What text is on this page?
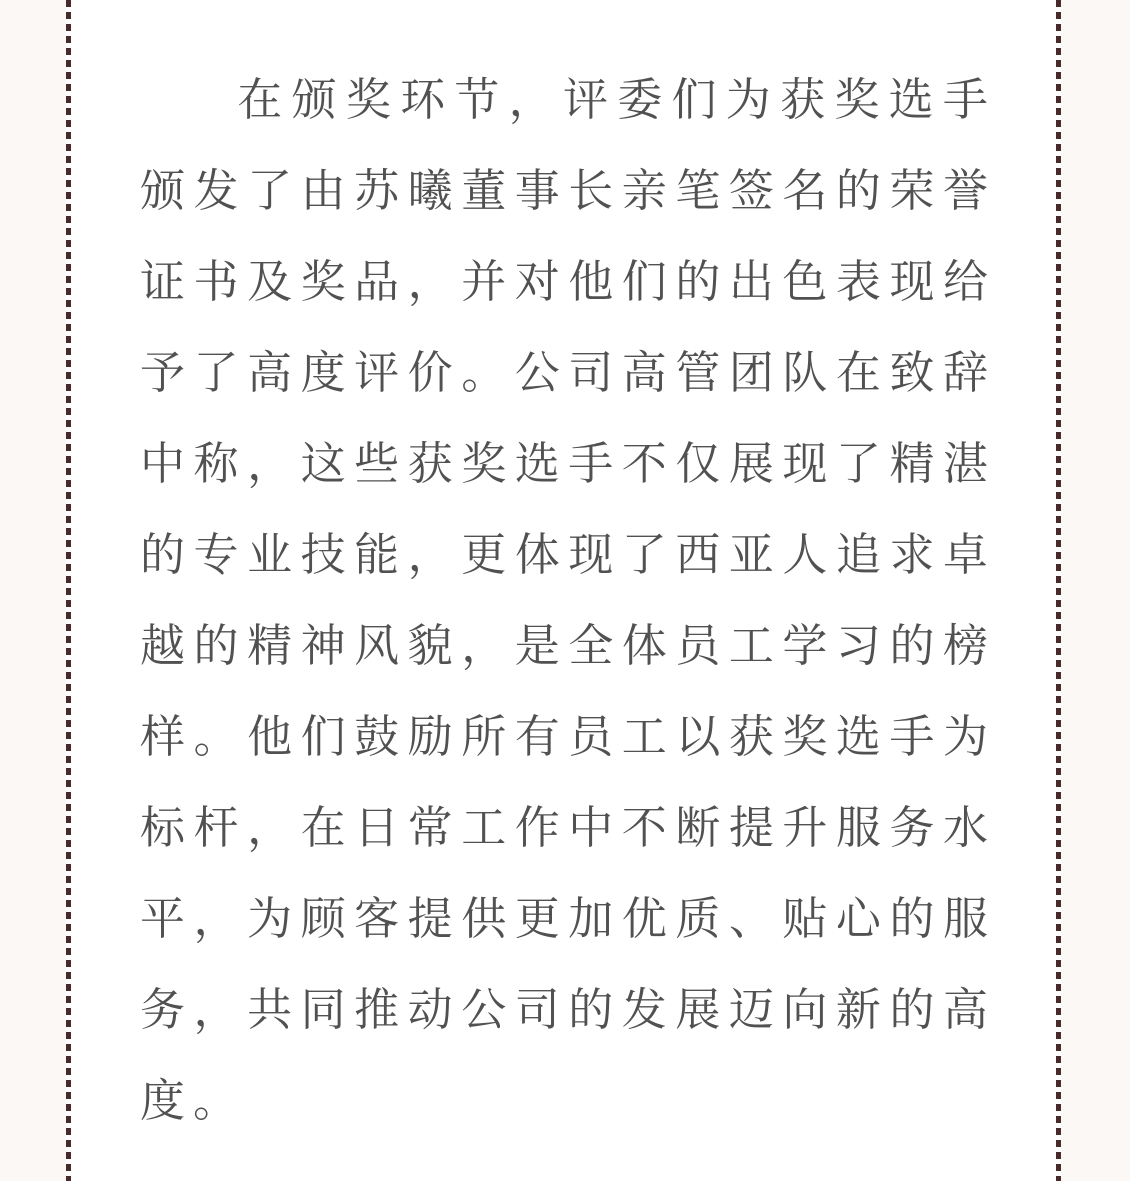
在 颁 奖 环 节 ， 评 委 们 为 获 奖 选 手
颁 发 了 由 苏 曦 董 事 长 亲 笔 签 名 的 荣 誉
证 书 及 奖 品 ， 并 对 他 们 的 出 色 表 现 给
予 了 高 度 评 价 。 公 司 高 管 团 队 在 致 辞
中 称 ， 这 些 获 奖 选 手 不 仅 展 现 了 精 湛
的 专 业 技 能 ， 更 体 现 了 西 亚 人 追 求 卓
越 的 精 神 风 貌 ， 是 全 体 员 工 学 习 的 榜
样 。 他 们 鼓 励 所 有 员 工 以 获 奖 选 手 为
标 杆 ， 在 日 常 工 作 中 不 断 提 升 服 务 水
平 ， 为 顾 客 提 供 更 加 优 质 、 贴 心 的 服
务 ， 共 同 推 动 公 司 的 发 展 迈 向 新 的 高
度 。
